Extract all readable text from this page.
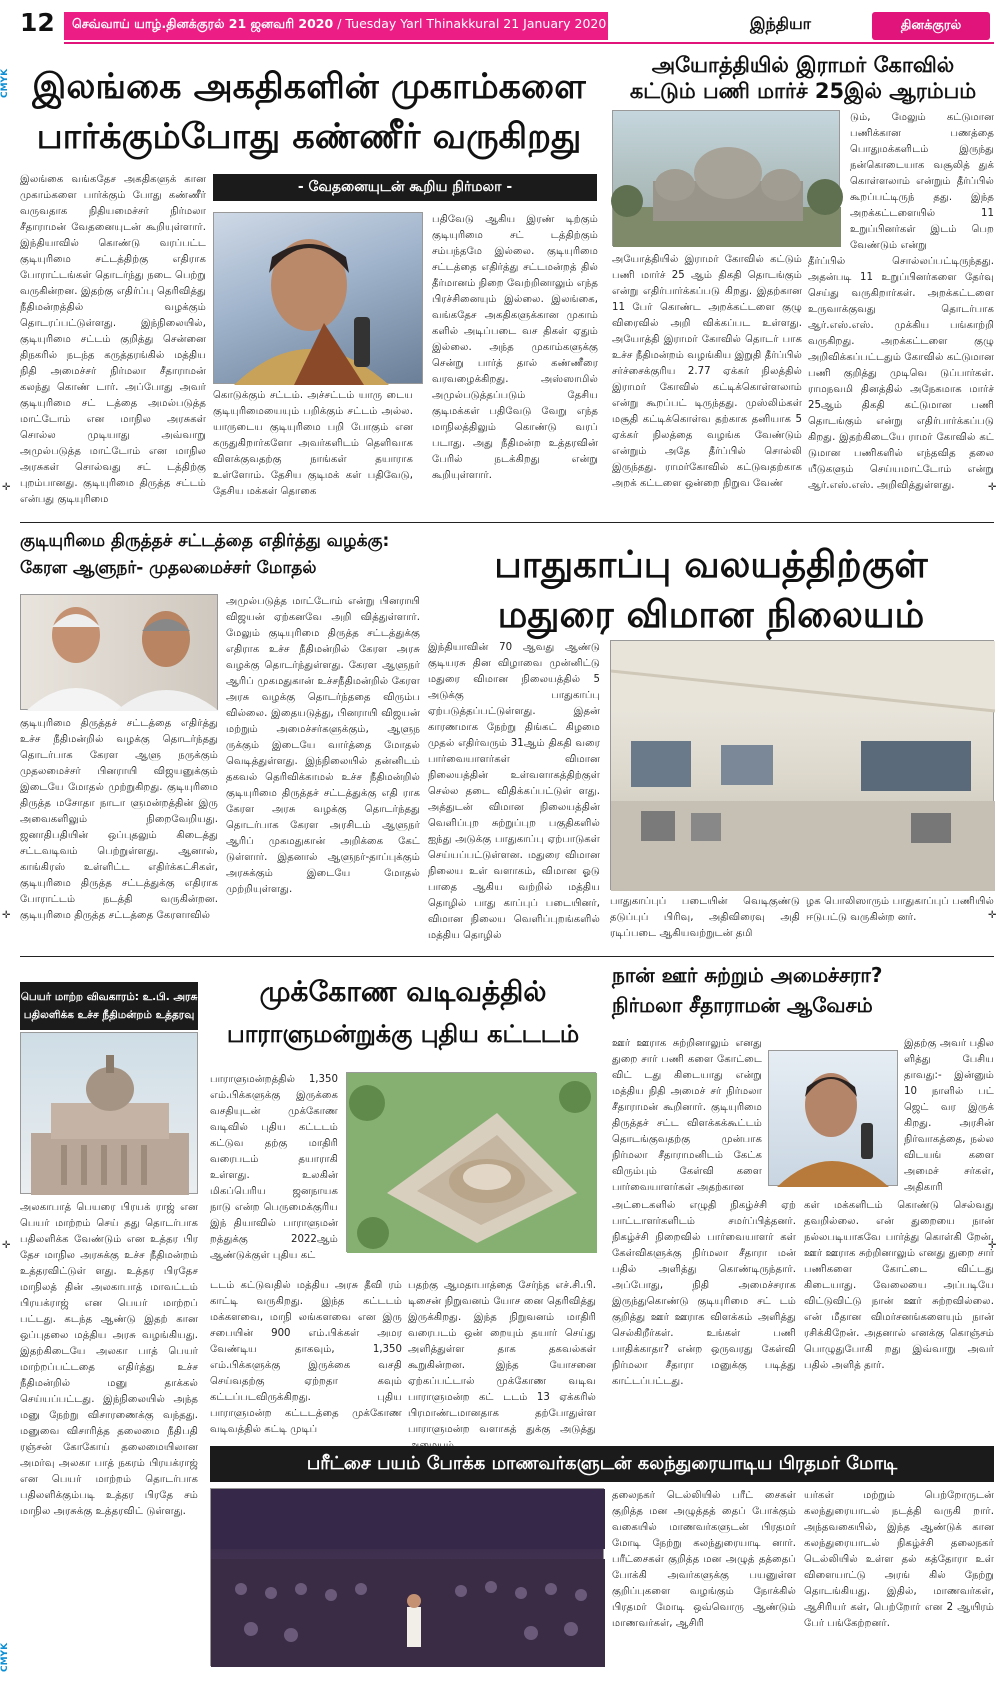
12	செவ்வாய் யாழ்.தினக்குரல் 21 ஜனவரி 2020 / Tuesday Yarl Thinakkural 21 January 2020	இந்தியா	தினக்குரல்
CMYK
CMYK
✛	✛
✛	✛
✛	✛
இலங்கை அகதிகளின் முகாம்களை
பார்க்கும்போது கண்ணீர் வருகிறது
- வேதனையுடன் கூறிய நிர்மலா -
இலங்கை வங்கதேச அகதிகளுக் கான முகாம்களை பார்க்கும் போது கண்ணீர் வருவதாக நிதியமைச்சர் நிர்மலா சீதாராமன் வேதனையுடன் கூறியுள்ளார். இந்தியாவில் கொண்டு வரப்பட்ட குடியுரிமை சட்டத்திற்கு எதிராக போராட்டங்கள் தொடர்ந்து நடை பெற்று வருகின்றன. இதற்கு எதிர்ப்பு தெரிவித்து நீதிமன்றத்தில் வழக்கும் தொடரப்பட்டுள்ளது. இந்நிலையில், குடியுரிமை சட்டம் குறித்து சென்னை திநகரில் நடந்த கருத்தரங்கில் மத்திய நிதி அமைச்சர் நிர்மலா சீதாராமன் கலந்து கொண் டார். அப்போது அவர் குடியுரிமை சட் டத்தை அமல்படுத்த மாட்டோம் என மாநில அரசுகள் சொல்ல முடியாது அவ்வாறு அமுல்படுத்த மாட்டோம் என மாநில அரசுகள் சொல்வது சட் டத்திற்கு புறம்பானது. குடியுரிமை திருத்த சட்டம் என்பது குடியுரிமை
கொடுக்கும் சட்டம். அச்சட்டம் யாரு டைய குடியுரிமையையும் பறிக்கும் சட்டம் அல்ல. யாருடைய குடியுரிமை பறி போகும் என கருதுகிறார்களோ அவர்களிடம் தெளிவாக விளக்குவதற்கு நாங்கள் தயாராக உள்ளோம். தேசிய குடிமக் கள் பதிவேடு, தேசிய மக்கள் தொகை
பதிவேடு ஆகிய இரண் டிற்கும் குடியுரிமை சட் டத்திற்கும் சம்பந்தமே இல்லை. குடியுரிமை சட்டத்தை எதிர்த்து சட்டமன்றத் தில் தீர்மானம் நிறை வேற்றினாலும் எந்த பிரச்சினையும் இல்லை. இலங்கை, வங்கதேச அகதிகளுக்கான முகாம் களில் அடிப்படை வச திகள் ஏதும் இல்லை. அந்த முகாம்களுக்கு சென்று பார்த் தால் கண்ணீரை வரவழைக்கிறது. அஸ்ஸாமில் அமுல்படுத்தப்படும் தேசிய குடிமக்கள் பதிவேடு வேறு எந்த மாநிலத்திலும் கொண்டு வரப் படாது. அது நீதிமன்ற உத்தரவின் பேரில் நடக்கிறது என்று கூறியுள்ளார்.
அயோத்தியில் இராமர் கோவில்
கட்டும் பணி மார்ச் 25இல் ஆரம்பம்
டும், மேலும் கட்டுமான பணிக்கான பணத்தை பொதுமக்களிடம் இருந்து நன்கொடையாக வசூலித் துக் கொள்ளலாம் என்றும் தீர்ப்பில் கூறப்பட்டிருந் தது. இந்த அறக்கட்டளையில் 11 உறுப்பினர்கள் இடம் பெற வேண்டும் என்று
அயோத்தியில் இராமர் கோவில் கட்டும் பணி மார்ச் 25 ஆம் திகதி தொடங்கும் என்று எதிர்பார்க்கப்படு கிறது. இதற்கான 11 பேர் கொண்ட அறக்கட்டளை குழு விரைவில் அறி விக்கப்பட உள்ளது. அயோத்தி இராமர் கோவில் தொடர் பாக உச்ச நீதிமன்றம் வழங்கிய இறுதி தீர்ப்பில் சர்ச்சைக்குரிய 2.77 ஏக்கர் நிலத்தில் இராமர் கோவில் கட்டிக்கொள்ளலாம் என்று கூறப்பட் டிருந்தது. முஸ்லிம்கள் மசூதி கட்டிக்கொள்வ தற்காக தனியாக 5 ஏக்கர் நிலத்தை வழங்க வேண்டும் என்றும் அதே தீர்ப்பில் சொல்லி இருந்தது. ராமர்கோவில் கட்டுவதற்காக அறக் கட்டளை ஒன்றை நிறுவ வேண்
தீர்ப்பில் சொல்லப்பட்டிருந்தது. அதன்படி 11 உறுப்பினர்களை தேர்வு செய்து வருகிறார்கள். அறக்கட்டளை உருவாக்குவது தொடர்பாக ஆர்.எஸ்.எஸ். முக்கிய பங்காற்றி வருகிறது. அறக்கட்டளை குழு அறிவிக்கப்பட்டதும் கோவில் கட்டுமான பணி குறித்து முடிவெ டுப்பார்கள். ராமநவமி தினத்தில் அநேகமாக மார்ச் 25ஆம் திகதி கட்டுமான பணி தொடங்கும் என்று எதிர்பார்க்கப்படு கிறது. இதற்கிடையே ராமர் கோவில் கட் டுமான பணிகளில் எந்தவித தலை யீடுகளும் செய்யமாட்டோம் என்று ஆர்.எஸ்.எஸ். அறிவித்துள்ளது.
குடியுரிமை திருத்தச் சட்டத்தை எதிர்த்து வழக்கு:
கேரள ஆளுநர்- முதலமைச்சர் மோதல்
குடியுரிமை திருத்தச் சட்டத்தை எதிர்த்து உச்ச நீதிமன்றில் வழக்கு தொடர்ந்தது தொடர்பாக கேரள ஆளு நருக்கும் முதலமைச்சர் பினராயி விஜயனுக்கும் இடையே மோதல் முற்றுகிறது. குடியுரிமை திருத்த மசோதா நாடா ளுமன்றத்தின் இரு அவைகளிலும் நிறைவேறியது. ஜனாதிபதியின் ஒப்புதலும் கிடைத்து சட்டவடிவம் பெற்றுள்ளது. ஆனால், காங்கிரஸ் உள்ளிட்ட எதிர்க்கட்சிகள், குடியுரிமை திருத்த சட்டத்துக்கு எதிராக போராட்டம் நடத்தி வருகின்றன. குடியுரிமை திருத்த சட்டத்தை கேரளாவில்
அமுல்படுத்த மாட்டோம் என்று பினராயி விஜயன் ஏற்கனவே அறி வித்துள்ளார். மேலும் குடியுரிமை திருத்த சட்டத்துக்கு எதிராக உச்ச நீதிமன்றில் கேரள அரசு வழக்கு தொடர்ந்துள்ளது. கேரள ஆளுநர் ஆரிப் முகமதுகான் உச்சநீதிமன்றில் கேரள அரசு வழக்கு தொடர்ந்ததை விரும்ப வில்லை. இதையடுத்து, பினராயி விஜயன் மற்றும் அமைச்சர்களுக்கும், ஆளுந ருக்கும் இடையே வார்த்தை மோதல் வெடித்துள்ளது. இந்நிலையில் தன்னிடம் தகவல் தெரிவிக்காமல் உச்ச நீதிமன்றில் குடியுரிமை திருத்தச் சட்டத்துக்கு எதி ராக கேரள அரசு வழக்கு தொடர்ந்தது தொடர்பாக கேரள அரசிடம் ஆளுநர் ஆரிப் முகமதுகான் அறிக்கை கேட் டுள்ளார். இதனால் ஆளுநர்-தாப்புக்கும் அரசுக்கும் இடையே மோதல் முற்றியுள்ளது.
பாதுகாப்பு வலயத்திற்குள்
மதுரை விமான நிலையம்
இந்தியாவின் 70 ஆவது ஆண்டு குடியரசு தின விழாவை முன்னிட்டு மதுரை விமான நிலையத்தில் 5 அடுக்கு பாதுகாப்பு ஏற்படுத்தப்பட்டுள்ளது. இதன் காரணமாக நேற்று திங்கட் கிழமை முதல் எதிர்வரும் 31ஆம் திகதி வரை பார்வையாளர்கள் விமான நிலையத்தின் உள்வளாகத்திற்குள் செல்ல தடை விதிக்கப்பட்டுள் ளது. அத்துடன் விமான நிலையத்தின் வெளிப்புற சுற்றுப்புற பகுதிகளில் ஐந்து அடுக்கு பாதுகாப்பு ஏற்பாடுகள் செய்யப்பட்டுள்ளன. மதுரை விமான நிலைய உள் வளாகம், விமான ஓடு பாதை ஆகிய வற்றில் மத்திய தொழில் பாது காப்புப் படையினர், விமான நிலைய வெளிப்புறங்களில் மத்திய தொழில்
பாதுகாப்புப் படையின் வெடிகுண்டு தடுப்புப் பிரிவு, அதிவிரைவு அதி ரடிப்படை ஆகியவற்றுடன் தமி
ழக பொலிஸாரும் பாதுகாப்புப் பணியில் ஈடுபட்டு வருகின்ற னர்.
பெயர் மாற்ற விவகாரம்: உ.பி. அரசு
பதிலளிக்க உச்ச நீதிமன்றம் உத்தரவு
அலகாபாத் பெயரை பிரயக் ராஜ் என பெயர் மாற்றம் செய் தது தொடர்பாக பதிலளிக்க வேண்டும் என உத்தர பிர தேச மாநில அரசுக்கு உச்ச நீதிமன்றம் உத்தரவிட்டுள் ளது. உத்தர பிரதேச மாநிலத் தின் அலகாபாத் மாவட்டம் பிரயக்ராஜ் என பெயர் மாற்றப் பட்டது. கடந்த ஆண்டு இதற் கான ஒப்புதலை மத்திய அரசு வழங்கியது. இதற்கிடையே அலகா பாத் பெயர் மாற்றப்பட்டதை எதிர்த்து உச்ச நீதிமன்றில் மனு தாக்கல் செய்யப்பட்டது. இந்நிலையில் அந்த மனு நேற்று விசாரணைக்கு வந்தது. மனுவை விசாரித்த தலைமை நீதிபதி ரஞ்சன் கோகோய் தலைமையிலான அமர்வு அலகா பாத் நகரம் பிரயக்ராஜ் என பெயர் மாற்றம் தொடர்பாக பதிலளிக்கும்படி உத்தர பிரதே சம் மாநில அரசுக்கு உத்தரவிட் டுள்ளது.
முக்கோண வடிவத்தில்
பாராளுமன்றுக்கு புதிய கட்டடம்
பாராளுமன்றத்தில் 1,350 எம்.பிக்களுக்கு இருக்கை வசதியுடன் முக்கோண வடிவில் புதிய கட்டடம் கட்டுவ தற்கு மாதிரி வரைபடம் தயாராகி உள்ளது. உலகின் மிகப்பெரிய ஜனநாயக நாடு என்ற பெருமைக்குரிய இந் தியாவில் பாராளுமன் றத்துக்கு 2022ஆம் ஆண்டுக்குள் புதிய கட்
டடம் கட்டுவதில் மத்திய அரசு தீவி ரம் காட்டி வருகிறது. இந்த கட்டடம் மக்களவை, மாநி லங்களவை என இரு சபையின் 900 எம்.பிக்கள் அமர வேண்டிய தாகவும், 1,350 எம்.பிக்களுக்கு இருக்கை வசதி செய்வதற்கு ஏற்றதா கவும் கட்டப்படவிருக்கிறது. புதிய பாராளுமன்ற கட்டடத்தை முக்கோண வடிவத்தில் கட்டி முடிப்
பதற்கு ஆமதாபாத்தை சேர்ந்த எச்.சி.பி. டிசைன் நிறுவனம் யோச னை தெரிவித்து இருக்கிறது. இந்த நிறுவனம் மாதிரி வரைபடம் ஒன் றையும் தயார் செய்து அளித்துள்ள தாக தகவல்கள் கூறுகின்றன. இந்த யோசனை ஏற்கப்பட்டால் முக்கோண வடிவ பாராளுமன்ற கட் டடம் 13 ஏக்கரில் பிரமாண்டமானதாக தற்போதுள்ள பாராளுமன்ற வளாகத் துக்கு அடுத்து
நான் ஊர் சுற்றும் அமைச்சரா?
நிர்மலா சீதாராமன் ஆவேசம்
ஊர் ஊராக சுற்றினாலும் எனது துறை சார் பணி களை கோட்டை விட் டது கிடையாது என்று மத்திய நிதி அமைச் சர் நிர்மலா சீதாராமன் கூறினார். குடியுரிமை திருத்தச் சட்ட விளக்கக்கூட்டம் தொடங்குவதற்கு முன்பாக நிர்மலா சீதாராமனிடம் கேட்க விரும்பும் கேள்வி களை பார்வையாளர்கள் அதற்கான
இதற்கு அவர் பதில ளித்து பேசிய தாவது:- இன்னும் 10 நாளில் பட் ஜெட் வர இருக் கிறது. அரசின் நிர்வாகத்தை, நல்ல விடயங் களை அமைச் சர்கள், அதிகாரி
அட்டைகளில் எழுதி நிகழ்ச்சி ஏற் பாட்டாளர்களிடம் சமர்ப்பித்தனர். நிகழ்ச்சி நிறைவில் பார்வையாளர் கள் கேள்விகளுக்கு நிர்மலா சீதாரா மன் பதில் அளித்து கொண்டிருந்தார். அப்போது, நிதி அமைச்சராக இருந்துகொண்டு குடியுரிமை சட் டம் குறித்து ஊர் ஊராக விளக்கம் அளித்து செல்கிறீர்கள். உங்கள் பணி பாதிக்காதா? என்ற ஒருவரது கேள்வி நிர்மலா சீதாரா மனுக்கு படித்து காட்டப்பட்டது.
கள் மக்களிடம் கொண்டு செல்வது தவறில்லை. என் துறையை நான் நல்லபடியாகவே பார்த்து கொள்கி றேன். ஊர் ஊராக சுற்றினாலும் எனது துறை சார் பணிகளை கோட்டை விட்டது கிடையாது. வேலையை அப்படியே விட்டுவிட்டு நான் ஊர் சுற்றவில்லை. என் மீதான விமர்சனங்களையும் நான் ரசிக்கிறேன். அதனால் எனக்கு கொஞ்சம் பொழுதுபோகி றது இவ்வாறு அவர் பதில் அளித் தார்.
பரீட்சை பயம் போக்க மாணவர்களுடன் கலந்துரையாடிய பிரதமர் மோடி
தலைநகர் டெல்லியில் பரீட் சைகள் குறித்த மன அழுத்தத் தைப் போக்கும் வகையில் மாணவர்களுடன் பிரதமர் மோடி நேற்று கலந்துரையாடி னார். பரீட்சைகள் குறித்த மன அழுத் தத்தைப் போக்கி அவர்களுக்கு பயனுள்ள குறிப்புகளை வழங்கும் நோக்கில் பிரதமர் மோடி ஒவ்வொரு ஆண்டும் மாணவர்கள், ஆசிரி
யர்கள் மற்றும் பெற்றோருடன் கலந்துரையாடல் நடத்தி வருகி றார். அந்தவகையில், இந்த ஆண்டுக் கான கலந்துரையாடல் நிகழ்ச்சி தலைநகர் டெல்லியில் உள்ள தல் கத்தோரா உள் விளையாட்டு அரங் கில் நேற்று தொடங்கியது. இதில், மாணவர்கள், ஆசிரியர் கள், பெற்றோர் என 2 ஆயிரம் பேர் பங்கேற்றனர்.
